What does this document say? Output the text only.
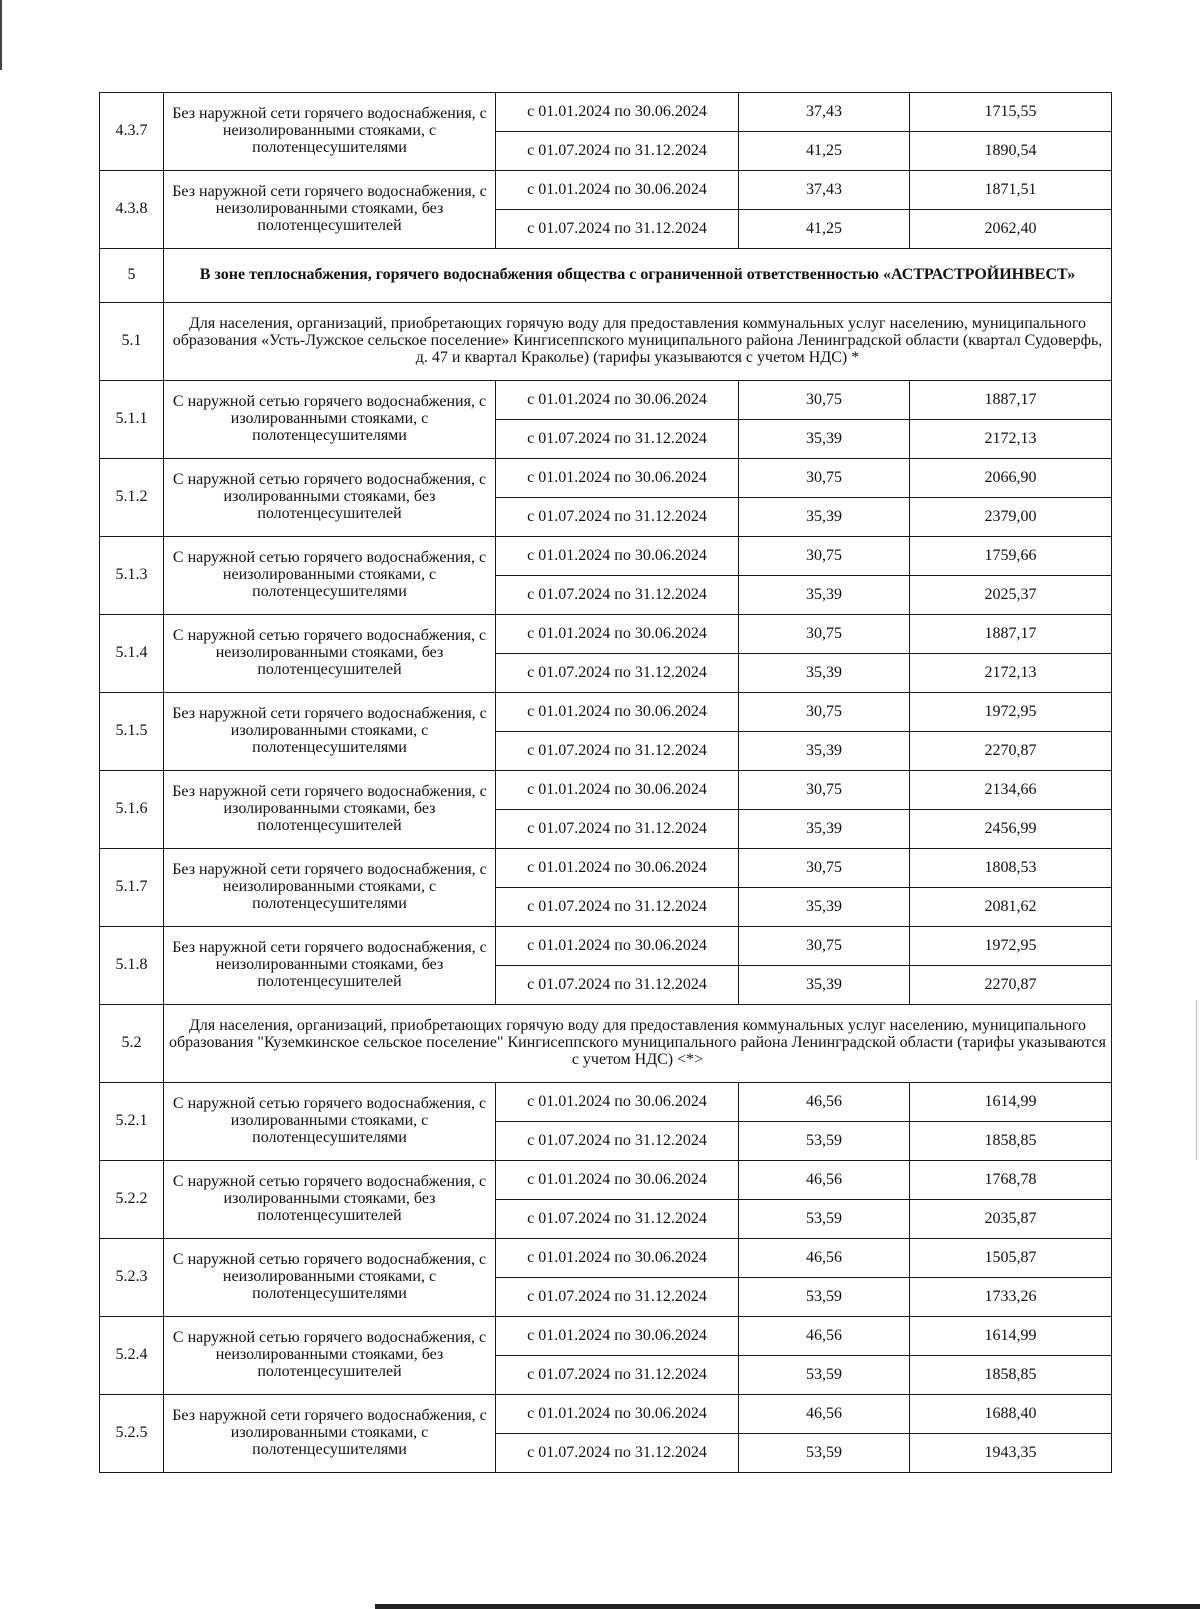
4.3.7	Без наружной сети горячего водоснабжения, с неизолированными стояками, с полотенцесушителями	с 01.01.2024 по 30.06.2024	37,43	1715,55
		с 01.07.2024 по 31.12.2024	41,25	1890,54
4.3.8	Без наружной сети горячего водоснабжения, с неизолированными стояками, без полотенцесушителей	с 01.01.2024 по 30.06.2024	37,43	1871,51
		с 01.07.2024 по 31.12.2024	41,25	2062,40
5	В зоне теплоснабжения, горячего водоснабжения общества с ограниченной ответственностью «АСТРАСТРОЙИНВЕСТ»			
5.1	Для населения, организаций, приобретающих горячую воду для предоставления коммунальных услуг населению, муниципального образования «Усть-Лужское сельское поселение» Кингисеппского муниципального района Ленинградской области (квартал Судоверфь, д. 47 и квартал Краколье) (тарифы указываются с учетом НДС) *			
5.1.1	С наружной сетью горячего водоснабжения, с изолированными стояками, с полотенцесушителями	с 01.01.2024 по 30.06.2024	30,75	1887,17
		с 01.07.2024 по 31.12.2024	35,39	2172,13
5.1.2	С наружной сетью горячего водоснабжения, с изолированными стояками, без полотенцесушителей	с 01.01.2024 по 30.06.2024	30,75	2066,90
		с 01.07.2024 по 31.12.2024	35,39	2379,00
5.1.3	С наружной сетью горячего водоснабжения, с неизолированными стояками, с полотенцесушителями	с 01.01.2024 по 30.06.2024	30,75	1759,66
		с 01.07.2024 по 31.12.2024	35,39	2025,37
5.1.4	С наружной сетью горячего водоснабжения, с неизолированными стояками, без полотенцесушителей	с 01.01.2024 по 30.06.2024	30,75	1887,17
		с 01.07.2024 по 31.12.2024	35,39	2172,13
5.1.5	Без наружной сети горячего водоснабжения, с изолированными стояками, с полотенцесушителями	с 01.01.2024 по 30.06.2024	30,75	1972,95
		с 01.07.2024 по 31.12.2024	35,39	2270,87
5.1.6	Без наружной сети горячего водоснабжения, с изолированными стояками, без полотенцесушителей	с 01.01.2024 по 30.06.2024	30,75	2134,66
		с 01.07.2024 по 31.12.2024	35,39	2456,99
5.1.7	Без наружной сети горячего водоснабжения, с неизолированными стояками, с полотенцесушителями	с 01.01.2024 по 30.06.2024	30,75	1808,53
		с 01.07.2024 по 31.12.2024	35,39	2081,62
5.1.8	Без наружной сети горячего водоснабжения, с неизолированными стояками, без полотенцесушителей	с 01.01.2024 по 30.06.2024	30,75	1972,95
		с 01.07.2024 по 31.12.2024	35,39	2270,87
5.2	Для населения, организаций, приобретающих горячую воду для предоставления коммунальных услуг населению, муниципального образования "Куземкинское сельское поселение" Кингисеппского муниципального района Ленинградской области (тарифы указываются с учетом НДС) <*>			
5.2.1	С наружной сетью горячего водоснабжения, с изолированными стояками, с полотенцесушителями	с 01.01.2024 по 30.06.2024	46,56	1614,99
		с 01.07.2024 по 31.12.2024	53,59	1858,85
5.2.2	С наружной сетью горячего водоснабжения, с изолированными стояками, без полотенцесушителей	с 01.01.2024 по 30.06.2024	46,56	1768,78
		с 01.07.2024 по 31.12.2024	53,59	2035,87
5.2.3	С наружной сетью горячего водоснабжения, с неизолированными стояками, с полотенцесушителями	с 01.01.2024 по 30.06.2024	46,56	1505,87
		с 01.07.2024 по 31.12.2024	53,59	1733,26
5.2.4	С наружной сетью горячего водоснабжения, с неизолированными стояками, без полотенцесушителей	с 01.01.2024 по 30.06.2024	46,56	1614,99
		с 01.07.2024 по 31.12.2024	53,59	1858,85
5.2.5	Без наружной сети горячего водоснабжения, с изолированными стояками, с полотенцесушителями	с 01.01.2024 по 30.06.2024	46,56	1688,40
		с 01.07.2024 по 31.12.2024	53,59	1943,35
